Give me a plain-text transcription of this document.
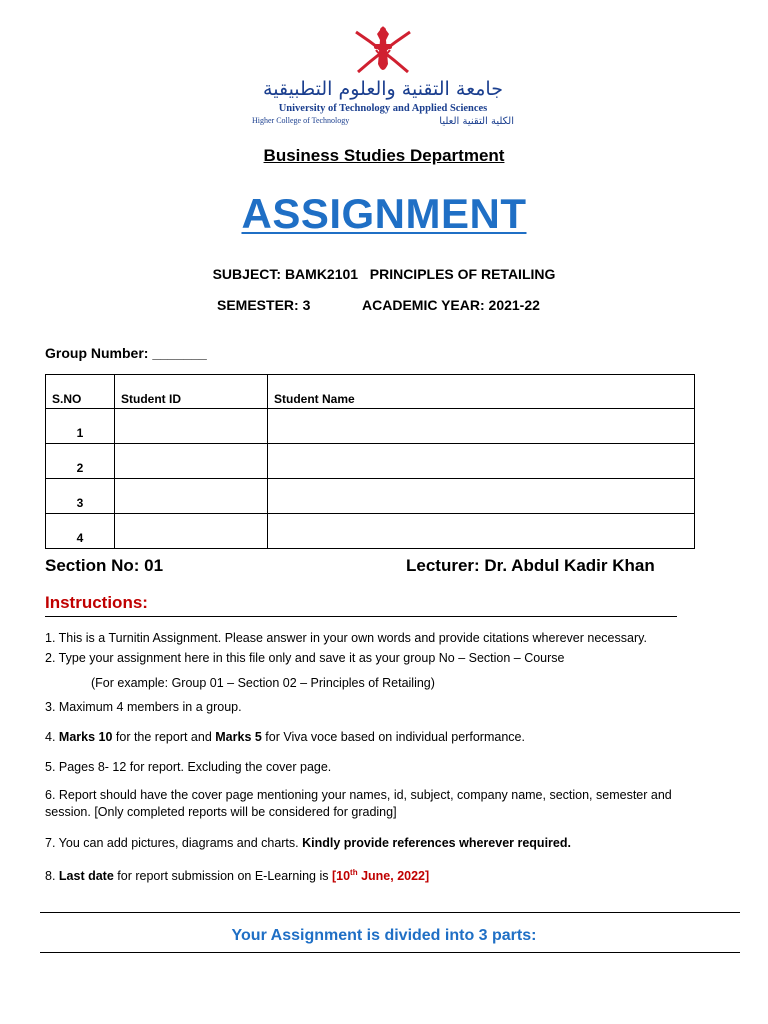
جامعة التقنية والعلوم التطبيقية
University of Technology and Applied Sciences
Higher College of Technology	الكلية التقنية العليا
Business Studies Department
ASSIGNMENT
SUBJECT: BAMK2101   PRINCIPLES OF RETAILING
SEMESTER: 3	ACADEMIC YEAR: 2021-22
Group Number: _______
S.NO	Student ID	Student Name
1		
2		
3		
4		
Section No: 01	Lecturer: Dr. Abdul Kadir Khan
Instructions:
1. This is a Turnitin Assignment. Please answer in your own words and provide citations wherever necessary.
2. Type your assignment here in this file only and save it as your group No – Section – Course
(For example: Group 01 – Section 02 – Principles of Retailing)
3. Maximum 4 members in a group.
4. Marks 10 for the report and Marks 5 for Viva voce based on individual performance.
5. Pages 8- 12 for report. Excluding the cover page.
6. Report should have the cover page mentioning your names, id, subject, company name, section, semester and session. [Only completed reports will be considered for grading]
7. You can add pictures, diagrams and charts. Kindly provide references wherever required.
8. Last date for report submission on E-Learning is [10th June, 2022]
Your Assignment is divided into 3 parts:
